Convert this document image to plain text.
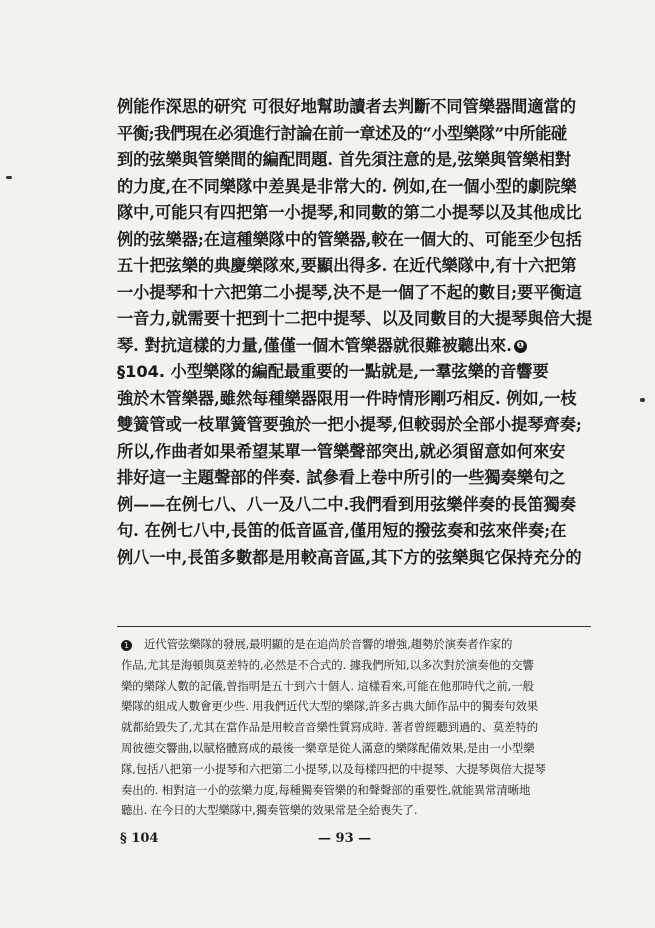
例能作深思的研究 可很好地幫助讀者去判斷不同管樂器間適當的
平衡;我們現在必須進行討論在前一章述及的“小型樂隊”中所能碰
到的弦樂與管樂間的編配問題. 首先須注意的是,弦樂與管樂相對
的力度,在不同樂隊中差異是非常大的. 例如,在一個小型的劇院樂
隊中,可能只有四把第一小提琴,和同數的第二小提琴以及其他成比
例的弦樂器;在這種樂隊中的管樂器,較在一個大的、可能至少包括
五十把弦樂的典慶樂隊來,要顯出得多. 在近代樂隊中,有十六把第
一小提琴和十六把第二小提琴,決不是一個了不起的數目;要平衡這
一音力,就需要十把到十二把中提琴、以及同數目的大提琴與倍大提
琴. 對抗這樣的力量,僅僅一個木管樂器就很難被聽出來. ❶
§104. 小型樂隊的編配最重要的一點就是,一羣弦樂的音響要
強於木管樂器,雖然每種樂器限用一件時情形剛巧相反. 例如,一枝
雙簧管或一枝單簧管要強於一把小提琴,但較弱於全部小提琴齊奏;
所以,作曲者如果希望某單一管樂聲部突出,就必須留意如何來安
排好這一主題聲部的伴奏. 試參看上卷中所引的一些獨奏樂句之
例——在例七八、八一及八二中.我們看到用弦樂伴奏的長笛獨奏
句. 在例七八中,長笛的低音區音,僅用短的撥弦奏和弦來伴奏;在
例八一中,長笛多數都是用較高音區,其下方的弦樂與它保持充分的
1 近代管弦樂隊的發展,最明顯的是在追尚於音響的增強,趨勢於演奏者作家的
作品,尤其是海頓與莫差特的,必然是不合式的. 據我們所知,以多次對於演奏他的交響
樂的樂隊人數的記儀,曾指明是五十到六十個人. 這樣看來,可能在他那時代之前,一般
樂隊的組成人數會更少些. 用我們近代大型的樂隊,許多古典大師作品中的獨奏句效果
就都給毀失了,尤其在當作品是用較音音樂性質寫成時. 著者曾經聽到過的、莫差特的
周彼德交響曲,以賦格體寫成的最後一樂章是從人滿意的樂隊配備效果,是由一小型樂
隊,包括八把第一小提琴和六把第二小提琴,以及每樣四把的中提琴、大提琴與倍大提琴
奏出的. 相對這一小的弦樂力度,每種獨奏管樂的和聲聲部的重要性,就能異常清晰地
聽出. 在今日的大型樂隊中,獨奏管樂的效果常是全給喪失了.
§ 104	— 93 —
